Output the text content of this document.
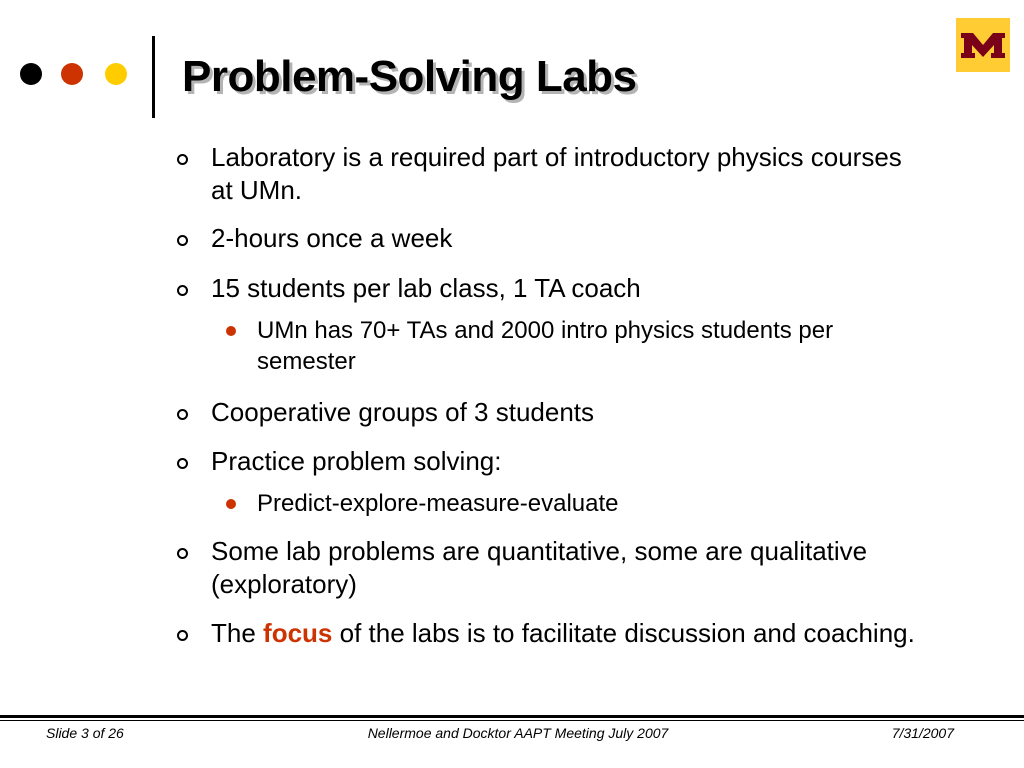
Problem-Solving Labs
Laboratory is a required part of introductory physics courses at UMn.
2-hours once a week
15 students per lab class, 1 TA coach
UMn has 70+ TAs and 2000 intro physics students per semester
Cooperative groups of 3 students
Practice problem solving:
Predict-explore-measure-evaluate
Some lab problems are quantitative, some are qualitative (exploratory)
The focus of the labs is to facilitate discussion and coaching.
Slide 3 of 26	Nellermoe and Docktor AAPT Meeting July 2007	7/31/2007
